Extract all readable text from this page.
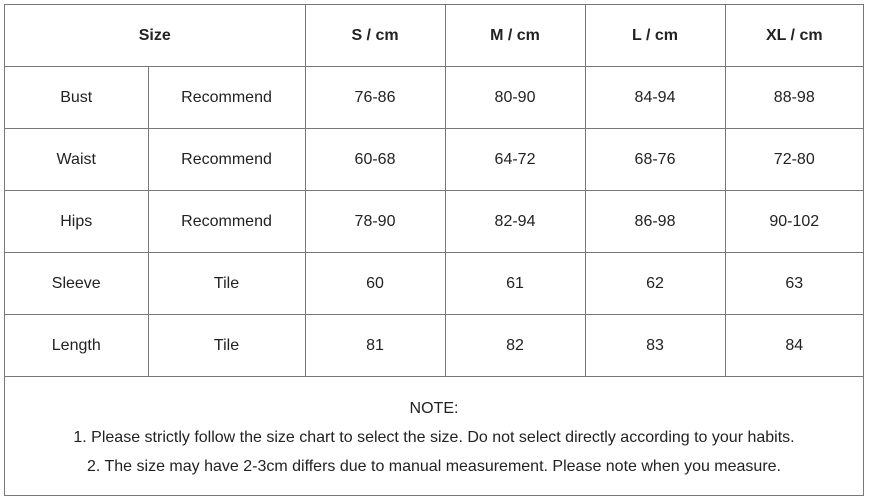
Size		S / cm	M / cm	L / cm	XL / cm
Bust	Recommend	76-86	80-90	84-94	88-98
Waist	Recommend	60-68	64-72	68-76	72-80
Hips	Recommend	78-90	82-94	86-98	90-102
Sleeve	Tile	60	61	62	63
Length	Tile	81	82	83	84
NOTE:
1. Please strictly follow the size chart to select the size. Do not select directly according to your habits.
2. The size may have 2-3cm differs due to manual measurement. Please note when you measure.
